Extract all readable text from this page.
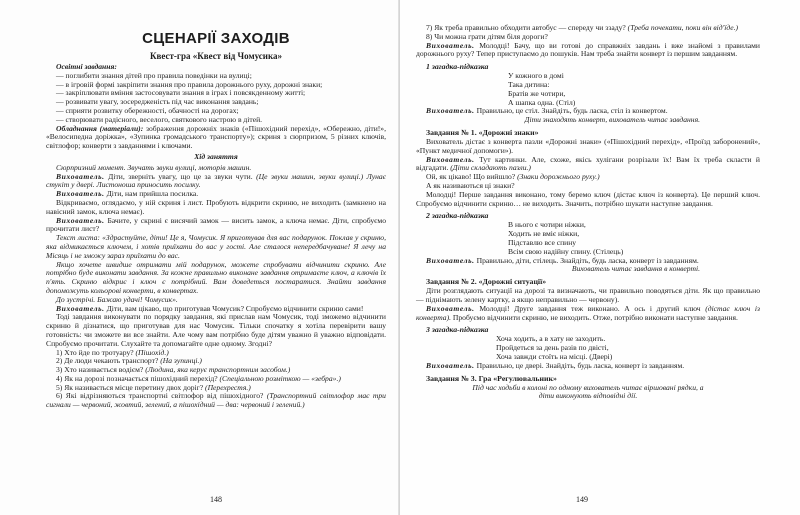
СЦЕНАРІЇ ЗАХОДІВ
Квест-гра «Квест від Чомусика»

Освітні завдання:

— поглибити знання дітей про правила поведінки на вулиці;

— в ігровій формі закріпити знання про правила дорожнього руху, дорожні знаки;

— закріплювати вміння застосовувати знання в іграх і повсякденному житті;

— розвивати увагу, зосередженість під час виконання завдань;

— сприяти розвитку обережності, обачності на дорогах;

— створювати радісного, веселого, святкового настрою в дітей.

Обладнання (матеріали): зображення дорожніх знаків («Пішохідний перехід», «Обережно, діти!», «Велосипедна доріжка», «Зупинка громадського транспорту»); скриня з сюрпризом, 5 різних ключів, світлофор; конверти з завданнями і ключами.

Хід заняття

Сюрпризний момент. Звучать звуки вулиці, моторів машин.

Вихователь. Діти, зверніть увагу, що це за звуки чути. (Це звуки машин, звуки вулиці.) Лунає стукіт у двері. Листоноша приносить посилку.

Вихователь. Діти, нам прийшла посилка.

Відкриваємо, оглядаємо, у ній скриня і лист. Пробують відкрити скриню, не виходить (замкнено на навісний замок, ключа немає).

Вихователь. Бачите, у скрині є висячий замок — висить замок, а ключа немає. Діти, спробуємо прочитати лист?

Текст листа: «Здрастуйте, діти! Це я, Чомусик. Я приготував для вас подарунок. Поклав у скриню, яка відмикається ключем, і хотів приїхати до вас у гості. Але сталося непередбачуване! Я лечу на Місяць і не зможу зараз приїхати до вас.

Якщо хочете швидше отримати мій подарунок, можете спробувати відчинити скриню. Але потрібно буде виконати завдання. За кожне правильно виконане завдання отримаєте ключ, а ключів їх п'ять. Скриню відкриє і ключ є потрібний. Вам доведеться постаратися. Знайти завдання допоможуть кольорові конверти, в конвертах.

До зустрічі. Бажаю удачі! Чомусик».

Вихователь. Діти, вам цікаво, що приготував Чомусик? Спробуємо відчинити скриню сами!

Тоді завдання виконувати по порядку завдання, які прислав нам Чомусик, тоді зможемо відчинити скриню й дізнатися, що приготував для нас Чомусик. Тільки спочатку я хотіла перевірити вашу готовність: чи зможете ви все знайти. Але чому вам потрібно буде дітям уважно й уважно відповідати. Спробуємо прочитати. Слухайте та допомагайте одне одному. Згодні?

1) Хто йде по тротуару? (Пішохід.)

2) Де люди чекають транспорт? (На зупинці.)

3) Хто називається водієм? (Людина, яка керує транспортним засобом.)

4) Як на дорозі позначається пішохідний перехід? (Спеціальною розміткою — «зебра».)

5) Як називається місце перетину двох доріг? (Перехрестя.)

6) Які відрізняються транспортні світлофор від пішохідного? (Транспортний світлофор має три сигнали — червоний, жовтий, зелений, а пішохідний — два: червоний і зелений.)

148

7) Як треба правильно обходити автобус — спереду чи ззаду? (Треба почекати, поки він від'їде.)

8) Чи можна грати дітям біля дороги?

Вихователь. Молодці! Бачу, що ви готові до справжніх завдань і вже знайомі з правилами дорожнього руху? Тепер приступаємо до пошуків. Нам треба знайти конверт із першим завданням.

1 загадка-підказка

У кожного в домі

Така дитина:

Братів же чотири,

А шапка одна. (Стіл)

Вихователь. Правильно, це стіл. Знайдіть, будь ласка, стіл із конвертом.

Діти знаходять конверт, вихователь читає завдання.

Завдання № 1. «Дорожні знаки»

Вихователь дістає з конверта пазли «Дорожні знаки» («Пішохідний перехід», «Проїзд заборонений», «Пункт медичної допомоги»).

Вихователь. Тут картинки. Але, схоже, якісь хулігани розрізали їх! Вам їх треба скласти й відгадати. (Діти складають пазли.)

Ой, як цікаво! Що вийшло? (Знаки дорожнього руху.)

А як називаються ці знаки?

Молодці! Перше завдання виконано, тому беремо ключ (дістає ключ із конверта). Це перший ключ. Спробуємо відчинити скриню… не виходить. Значить, потрібно шукати наступне завдання.

2 загадка-підказка

В нього є чотири ніжки,

Ходить не вміє ніжки,

Підставлю все спину

Всім свою надійну спину. (Стілець)

Вихователь. Правильно, діти, стілець. Знайдіть, будь ласка, конверт із завданням.

Вихователь читає завдання в конверті.

Завдання № 2. «Дорожні ситуації»

Діти розглядають ситуації на дорозі та визначають, чи правильно поводяться діти. Як що правильно — піднімають зелену картку, а якщо неправильно — червону).

Вихователь. Молодці! Друге завдання теж виконано. А ось і другий ключ (дістає ключ із конверта). Пробуємо відчинити скриню, не виходить. Отже, потрібно виконати наступне завдання.

3 загадка-підказка

Хоча ходить, а в хату не заходить.

Пройдеться за день разів по двісті,

Хоча завжди стоїть на місці. (Двері)

Вихователь. Правильно, це двері. Знайдіть, будь ласка, конверт із завданням.

Завдання № 3. Гра «Регулювальник»

Під час ходьби в колоні по одному вихователь читає віршовані рядки, а діти виконують відповідні дії.

149
